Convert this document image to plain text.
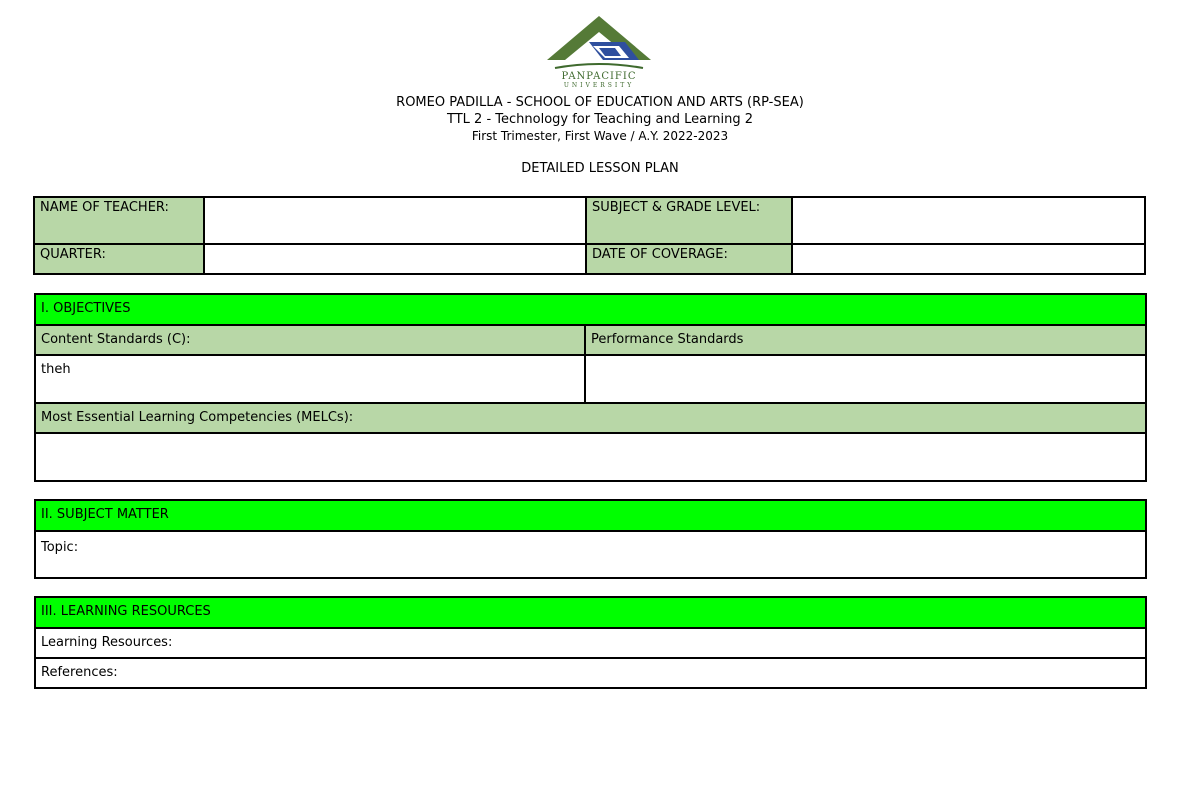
PANPACIFIC
UNIVERSITY
ROMEO PADILLA - SCHOOL OF EDUCATION AND ARTS (RP-SEA)
TTL 2 - Technology for Teaching and Learning 2
First Trimester, First Wave / A.Y. 2022-2023
DETAILED LESSON PLAN
NAME OF TEACHER:		SUBJECT & GRADE LEVEL:	
QUARTER:		DATE OF COVERAGE:	
I. OBJECTIVES	
Content Standards (C):	Performance Standards
theh	
Most Essential Learning Competencies (MELCs):	

II. SUBJECT MATTER
Topic:
III. LEARNING RESOURCES
Learning Resources:
References:
